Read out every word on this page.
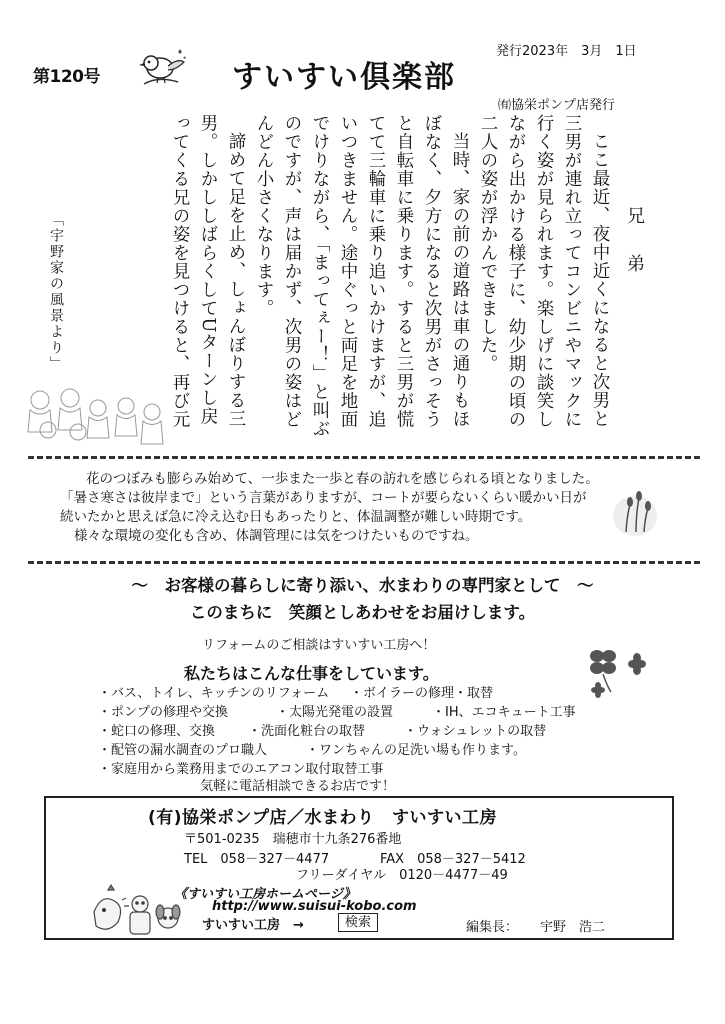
第120号	すいすい倶楽部
発行2023年　3月　1日
㈲協栄ポンプ店発行
兄　弟
ここ最近、夜中近くになると次男と三男が連れ立ってコンビニやマックに行く姿が見られます。楽しげに談笑しながら出かける様子に、幼少期の頃の二人の姿が浮かんできました。
当時、家の前の道路は車の通りもほぼなく、夕方になると次男がさっそうと自転車に乗ります。すると三男が慌てて三輪車に乗り追いかけますが、追いつきません。途中ぐっと両足を地面でけりながら、「まってぇー！」と叫ぶのですが、声は届かず、次男の姿はどんどん小さくなります。
諦めて足を止め、しょんぼりする三男。しかししばらくしてUターンし戻ってくる兄の姿を見つけると、再び元
「宇野家の風景より」
花のつぼみも膨らみ始めて、一歩また一歩と春の訪れを感じられる頃となりました。
「暑さ寒さは彼岸まで」という言葉がありますが、コートが要らないくらい暖かい日が
続いたかと思えば急に冷え込む日もあったりと、体温調整が難しい時期です。
様々な環境の変化も含め、体調管理には気をつけたいものですね。
～　お客様の暮らしに寄り添い、水まわりの専門家として　～
このまちに　笑顔としあわせをお届けします。
リフォームのご相談はすいすい工房へ！
私たちはこんな仕事をしています。
・バス、トイレ、キッチンのリフォーム ・ボイラーの修理・取替
・ポンプの修理や交換	・太陽光発電の設置	・IH、エコキュート工事
・蛇口の修理、交換	・洗面化粧台の取替	・ウォシュレットの取替
・配管の漏水調査のプロ職人	・ワンちゃんの足洗い場も作ります。
・家庭用から業務用までのエアコン取付取替工事
気軽に電話相談できるお店です！
(有)協栄ポンプ店／水まわり　すいすい工房
〒501-0235　瑞穂市十九条276番地
TEL　058－327－4477	FAX　058－327－5412
フリーダイヤル　0120－4477－49
《すいすい工房ホームページ》
http://www.suisui-kobo.com
すいすい工房　→	検索	編集長： 宇野　浩二
